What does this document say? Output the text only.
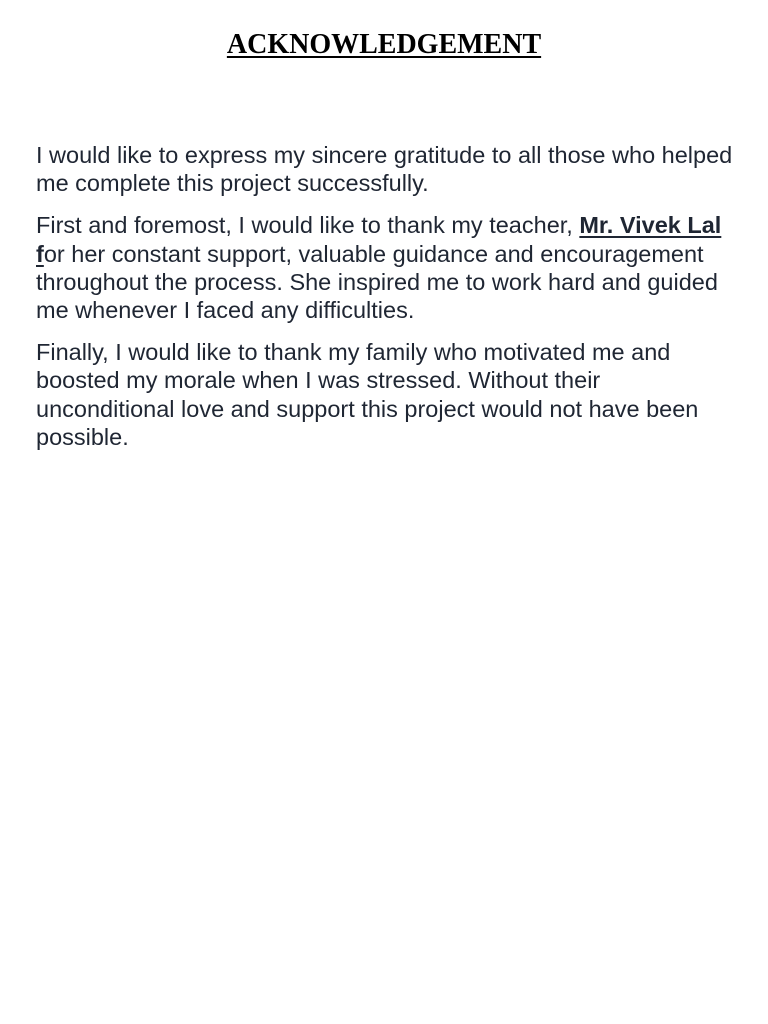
ACKNOWLEDGEMENT

I would like to express my sincere gratitude to all those who helped me complete this project successfully.

First and foremost, I would like to thank my teacher, Mr. Vivek Lal for her constant support, valuable guidance and encouragement throughout the process. She inspired me to work hard and guided me whenever I faced any difficulties.

Finally, I would like to thank my family who motivated me and boosted my morale when I was stressed. Without their unconditional love and support this project would not have been possible.
